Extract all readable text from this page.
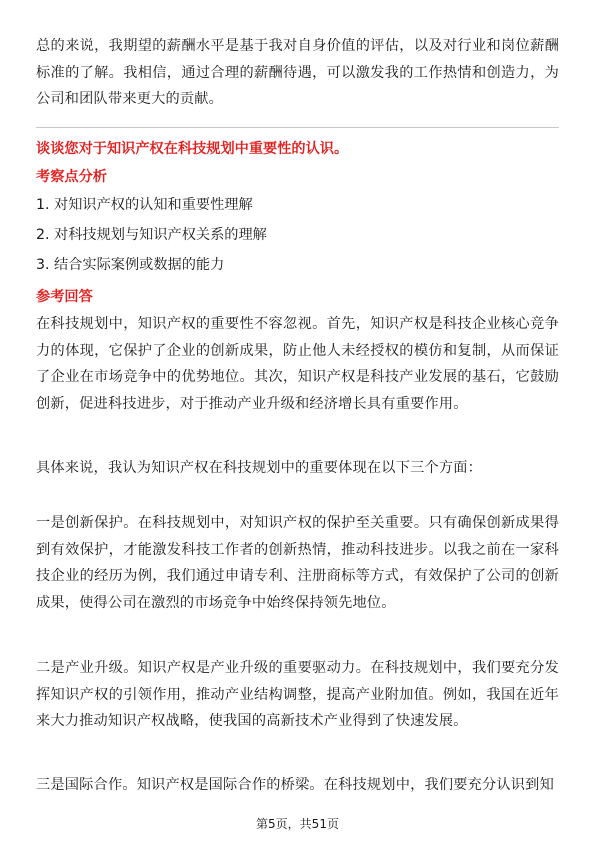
总的来说，我期望的薪酬水平是基于我对自身价值的评估，以及对行业和岗位薪酬标准的了解。我相信，通过合理的薪酬待遇，可以激发我的工作热情和创造力，为公司和团队带来更大的贡献。

谈谈您对于知识产权在科技规划中重要性的认识。

考察点分析

1. 对知识产权的认知和重要性理解
2. 对科技规划与知识产权关系的理解
3. 结合实际案例或数据的能力

参考回答

在科技规划中，知识产权的重要性不容忽视。首先，知识产权是科技企业核心竞争力的体现，它保护了企业的创新成果，防止他人未经授权的模仿和复制，从而保证了企业在市场竞争中的优势地位。其次，知识产权是科技产业发展的基石，它鼓励创新，促进科技进步，对于推动产业升级和经济增长具有重要作用。

具体来说，我认为知识产权在科技规划中的重要体现在以下三个方面：

一是创新保护。在科技规划中，对知识产权的保护至关重要。只有确保创新成果得到有效保护，才能激发科技工作者的创新热情，推动科技进步。以我之前在一家科技企业的经历为例，我们通过申请专利、注册商标等方式，有效保护了公司的创新成果，使得公司在激烈的市场竞争中始终保持领先地位。

二是产业升级。知识产权是产业升级的重要驱动力。在科技规划中，我们要充分发挥知识产权的引领作用，推动产业结构调整，提高产业附加值。例如，我国在近年来大力推动知识产权战略，使我国的高新技术产业得到了快速发展。

三是国际合作。知识产权是国际合作的桥梁。在科技规划中，我们要充分认识到知

第5页，共51页
